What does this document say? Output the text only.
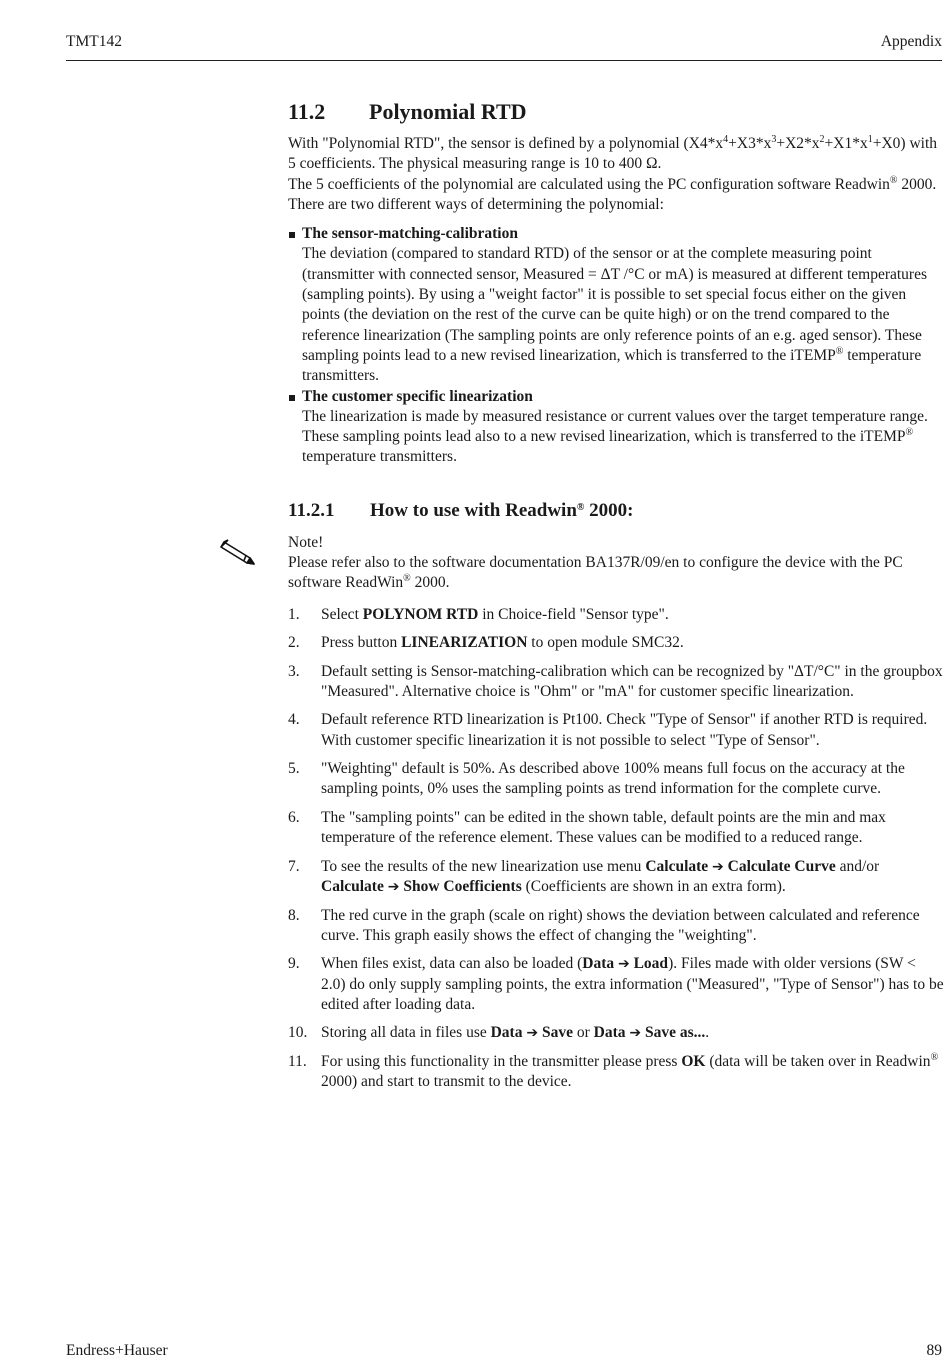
TMT142	Appendix
11.2 Polynomial RTD

With "Polynomial RTD", the sensor is defined by a polynomial $(X4*x^4+X3*x^3+X2*x^2+X1*x^1+X0)$ with 5 coefficients. The physical measuring range is 10 to 400 Ω.
The 5 coefficients of the polynomial are calculated using the PC configuration software Readwin® 2000. There are two different ways of determining the polynomial:

The sensor-matching-calibration
The deviation (compared to standard RTD) of the sensor or at the complete measuring point (transmitter with connected sensor, Measured = ΔT /°C or mA) is measured at different temperatures (sampling points). By using a "weight factor" it is possible to set special focus either on the given points (the deviation on the rest of the curve can be quite high) or on the trend compared to the reference linearization (The sampling points are only reference points of an e.g. aged sensor). These sampling points lead to a new revised linearization, which is transferred to the iTEMP® temperature transmitters.
The customer specific linearization
The linearization is made by measured resistance or current values over the target temperature range. These sampling points lead also to a new revised linearization, which is transferred to the iTEMP® temperature transmitters.
11.2.1 How to use with Readwin® 2000:
Note!
Please refer also to the software documentation BA137R/09/en to configure the device with the PC software ReadWin® 2000.
1. Select POLYNOM RTD in Choice-field "Sensor type".
2. Press button LINEARIZATION to open module SMC32.
3. Default setting is Sensor-matching-calibration which can be recognized by "ΔT/°C" in the groupbox "Measured". Alternative choice is "Ohm" or "mA" for customer specific linearization.
4. Default reference RTD linearization is Pt100. Check "Type of Sensor" if another RTD is required. With customer specific linearization it is not possible to select "Type of Sensor".
5. "Weighting" default is 50%. As described above 100% means full focus on the accuracy at the sampling points, 0% uses the sampling points as trend information for the complete curve.
6. The "sampling points" can be edited in the shown table, default points are the min and max temperature of the reference element. These values can be modified to a reduced range.
7. To see the results of the new linearization use menu Calculate ➔ Calculate Curve and/or Calculate ➔ Show Coefficients (Coefficients are shown in an extra form).
8. The red curve in the graph (scale on right) shows the deviation between calculated and reference curve. This graph easily shows the effect of changing the "weighting".
9. When files exist, data can also be loaded (Data ➔ Load). Files made with older versions (SW < 2.0) do only supply sampling points, the extra information ("Measured", "Type of Sensor") has to be edited after loading data.
10. Storing all data in files use Data ➔ Save or Data ➔ Save as....
11. For using this functionality in the transmitter please press OK (data will be taken over in Readwin® 2000) and start to transmit to the device.
Endress+Hauser	89
